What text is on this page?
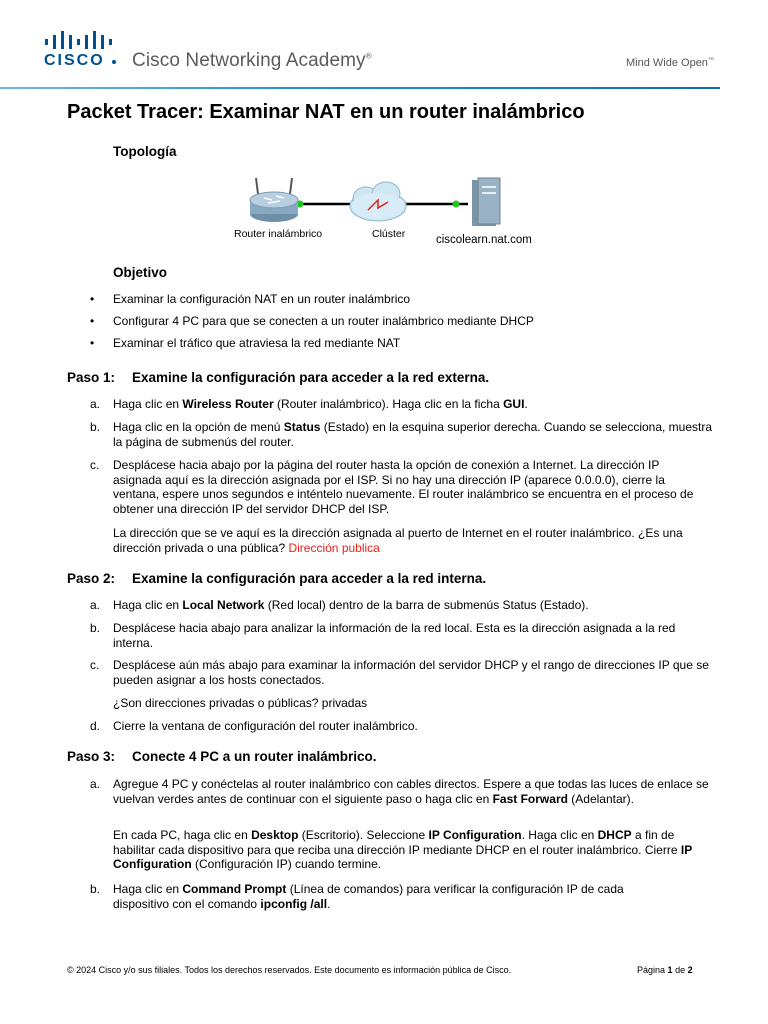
CISCO Cisco Networking Academy®
Mind Wide Open™
Packet Tracer: Examinar NAT en un router inalámbrico
Topología
Router inalámbrico	Clúster	ciscolearn.nat.com
Objetivo
• Examinar la configuración NAT en un router inalámbrico
• Configurar 4 PC para que se conecten a un router inalámbrico mediante DHCP
• Examinar el tráfico que atraviesa la red mediante NAT
Paso 1: Examine la configuración para acceder a la red externa.
a. Haga clic en Wireless Router (Router inalámbrico). Haga clic en la ficha GUI.
b. Haga clic en la opción de menú Status (Estado) en la esquina superior derecha. Cuando se selecciona, muestra la página de submenús del router.
c. Desplácese hacia abajo por la página del router hasta la opción de conexión a Internet. La dirección IP asignada aquí es la dirección asignada por el ISP. Si no hay una dirección IP (aparece 0.0.0.0), cierre la ventana, espere unos segundos e inténtelo nuevamente. El router inalámbrico se encuentra en el proceso de obtener una dirección IP del servidor DHCP del ISP.
La dirección que se ve aquí es la dirección asignada al puerto de Internet en el router inalámbrico. ¿Es una dirección privada o una pública? Dirección publica
Paso 2: Examine la configuración para acceder a la red interna.
a. Haga clic en Local Network (Red local) dentro de la barra de submenús Status (Estado).
b. Desplácese hacia abajo para analizar la información de la red local. Esta es la dirección asignada a la red interna.
c. Desplácese aún más abajo para examinar la información del servidor DHCP y el rango de direcciones IP que se pueden asignar a los hosts conectados.
¿Son direcciones privadas o públicas? privadas
d. Cierre la ventana de configuración del router inalámbrico.
Paso 3: Conecte 4 PC a un router inalámbrico.
a. Agregue 4 PC y conéctelas al router inalámbrico con cables directos. Espere a que todas las luces de enlace se vuelvan verdes antes de continuar con el siguiente paso o haga clic en Fast Forward (Adelantar).
En cada PC, haga clic en Desktop (Escritorio). Seleccione IP Configuration. Haga clic en DHCP a fin de habilitar cada dispositivo para que reciba una dirección IP mediante DHCP en el router inalámbrico. Cierre IP Configuration (Configuración IP) cuando termine.
b. Haga clic en Command Prompt (Línea de comandos) para verificar la configuración IP de cada dispositivo con el comando ipconfig /all.
© 2024 Cisco y/o sus filiales. Todos los derechos reservados. Este documento es información pública de Cisco.	Página 1 de 2
